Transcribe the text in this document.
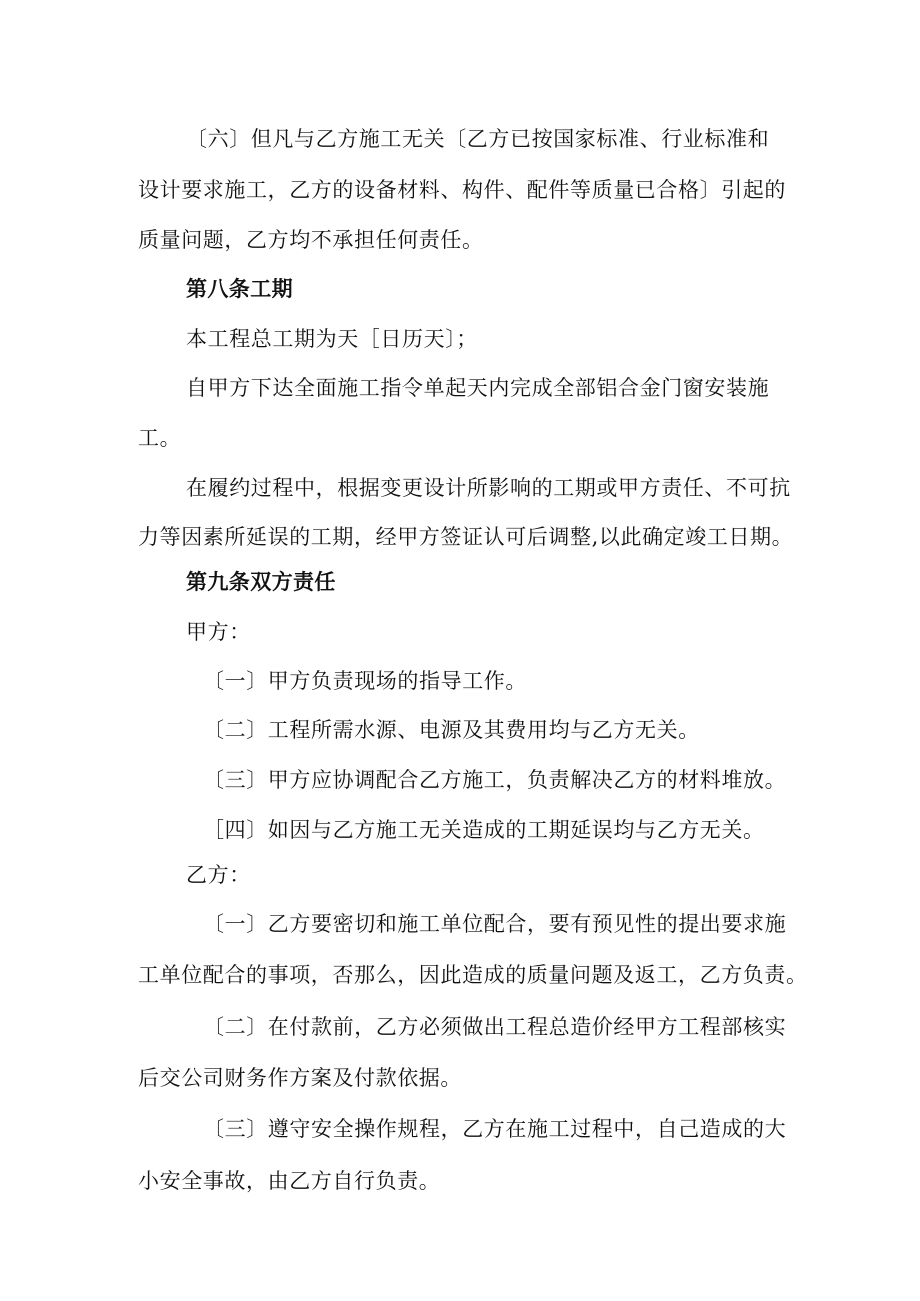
〔六〕但凡与乙方施工无关〔乙方已按国家标准、行业标准和
设计要求施工，乙方的设备材料、构件、配件等质量已合格〕引起的
质量问题，乙方均不承担任何责任。
第八条工期
本工程总工期为天［日历天〕；
自甲方下达全面施工指令单起天内完成全部铝合金门窗安装施
工。
在履约过程中，根据变更设计所影响的工期或甲方责任、不可抗
力等因素所延误的工期，经甲方签证认可后调整,以此确定竣工日期。
第九条双方责任
甲方：
〔一〕甲方负责现场的指导工作。
〔二〕工程所需水源、电源及其费用均与乙方无关。
〔三〕甲方应协调配合乙方施工，负责解决乙方的材料堆放。
［四〕如因与乙方施工无关造成的工期延误均与乙方无关。
乙方：
〔一〕乙方要密切和施工单位配合，要有预见性的提出要求施
工单位配合的事项，否那么，因此造成的质量问题及返工，乙方负责。
〔二〕在付款前，乙方必须做出工程总造价经甲方工程部核实
后交公司财务作方案及付款依据。
〔三〕遵守安全操作规程，乙方在施工过程中，自己造成的大
小安全事故，由乙方自行负责。
